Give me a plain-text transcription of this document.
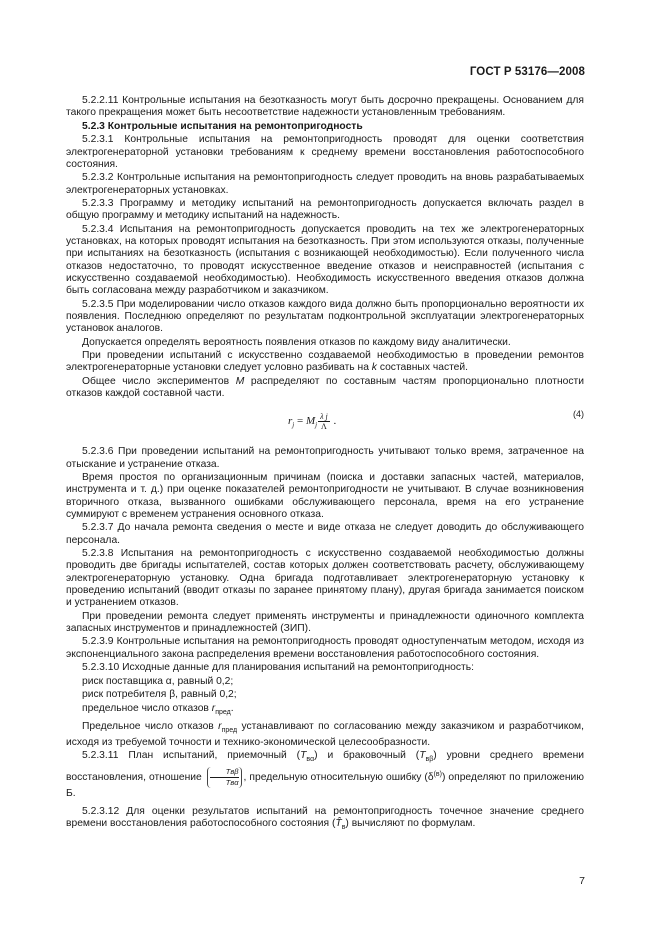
ГОСТ Р 53176—2008

5.2.2.11 Контрольные испытания на безотказность могут быть досрочно прекращены. Основанием для такого прекращения может быть несоответствие надежности установленным требованиям.

5.2.3 Контрольные испытания на ремонтопригодность

5.2.3.1 Контрольные испытания на ремонтопригодность проводят для оценки соответствия электрогенераторной установки требованиям к среднему времени восстановления работоспособного состояния.

5.2.3.2 Контрольные испытания на ремонтопригодность следует проводить на вновь разрабатываемых электрогенераторных установках.

5.2.3.3 Программу и методику испытаний на ремонтопригодность допускается включать раздел в общую программу и методику испытаний на надежность.

5.2.3.4 Испытания на ремонтопригодность допускается проводить на тех же электрогенераторных установках, на которых проводят испытания на безотказность. При этом используются отказы, полученные при испытаниях на безотказность (испытания с возникающей необходимостью). Если полученного числа отказов недостаточно, то проводят искусственное введение отказов и неисправностей (испытания с искусственно создаваемой необходимостью). Необходимость искусственного введения отказов должна быть согласована между разработчиком и заказчиком.

5.2.3.5 При моделировании число отказов каждого вида должно быть пропорционально вероятности их появления. Последнюю определяют по результатам подконтрольной эксплуатации электрогенераторных установок аналогов.

Допускается определять вероятность появления отказов по каждому виду аналитически.

При проведении испытаний с искусственно создаваемой необходимостью в проведении ремонтов электрогенераторные установки следует условно разбивать на k составных частей.

Общее число экспериментов M распределяют по составным частям пропорционально плотности отказов каждой составной части.

$r_j = M_j \frac{\text{λ j}}{\Lambda}$ .
(4)

5.2.3.6 При проведении испытаний на ремонтопригодность учитывают только время, затраченное на отыскание и устранение отказа.

Время простоя по организационным причинам (поиска и доставки запасных частей, материалов, инструмента и т. д.) при оценке показателей ремонтопригодности не учитывают. В случае возникновения вторичного отказа, вызванного ошибками обслуживающего персонала, время на его устранение суммируют с временем устранения основного отказа.

5.2.3.7 До начала ремонта сведения о месте и виде отказа не следует доводить до обслуживающего персонала.

5.2.3.8 Испытания на ремонтопригодность с искусственно создаваемой необходимостью должны проводить две бригады испытателей, состав которых должен соответствовать расчету, обслуживающему электрогенераторную установку. Одна бригада подготавливает электрогенераторную установку к проведению испытаний (вводит отказы по заранее принятому плану), другая бригада занимается поиском и устранением отказов.

При проведении ремонта следует применять инструменты и принадлежности одиночного комплекта запасных инструментов и принадлежностей (ЗИП).

5.2.3.9 Контрольные испытания на ремонтопригодность проводят одноступенчатым методом, исходя из экспоненциального закона распределения времени восстановления работоспособного состояния.

5.2.3.10 Исходные данные для планирования испытаний на ремонтопригодность:

риск поставщика α, равный 0,2;

риск потребителя β, равный 0,2;

предельное число отказов $r_{пред}$.

Предельное число отказов $r_{пред}$ устанавливают по согласованию между заказчиком и разработчиком, исходя из требуемой точности и технико-экономической целесообразности.

5.2.3.11 План испытаний, приемочный $(T_{в\alpha})$ и браковочный $(T_{в\beta})$ уровни среднего времени восстановления, отношение
Tвβ
Tвα , предельную относительную ошибку $(\delta^{(в)})$ определяют по приложению Б.

5.2.3.12 Для оценки результатов испытаний на ремонтопригодность точечное значение среднего времени восстановления работоспособного состояния $(T̂_в)$ вычисляют по формулам.

7
